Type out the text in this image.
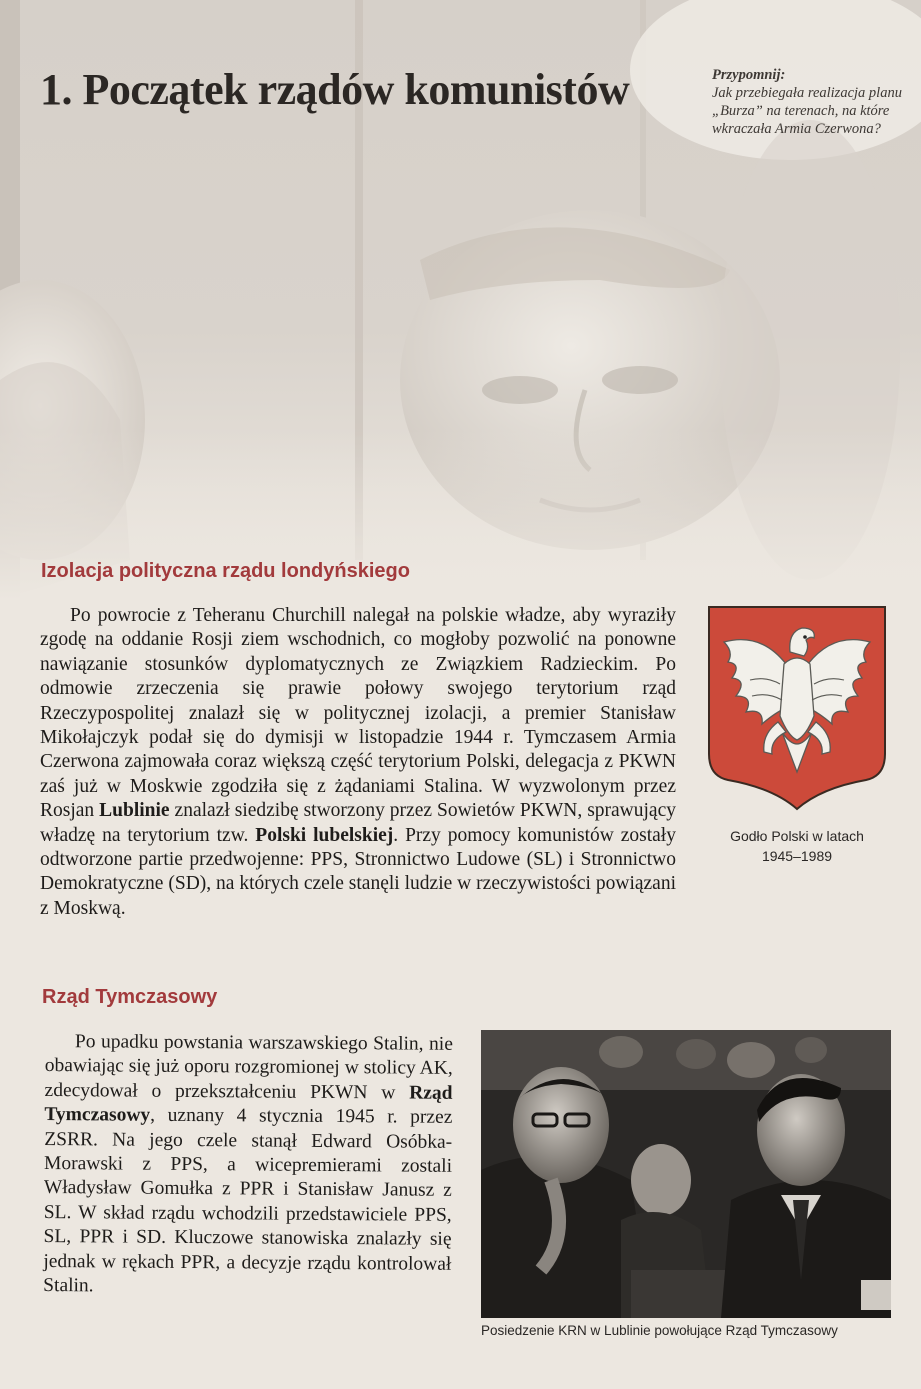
1. Początek rządów komunistów	Przypomnij:
Jak przebiegała realizacja planu „Burza” na terenach, na które wkraczała Armia Czerwona?
Izolacja polityczna rządu londyńskiego

Po powrocie z Teheranu Churchill nalegał na polskie władze, aby wyraziły zgodę na oddanie Rosji ziem wschodnich, co mogłoby pozwolić na ponowne nawiązanie stosunków dyplomatycznych ze Związkiem Radzieckim. Po odmowie zrzeczenia się prawie połowy swojego terytorium rząd Rzeczypospolitej znalazł się w politycznej izolacji, a premier Stanisław Mikołajczyk podał się do dymisji w listopadzie 1944 r. Tymczasem Armia Czerwona zajmowała coraz większą część terytorium Polski, delegacja z PKWN zaś już w Moskwie zgodziła się z żądaniami Stalina. W wyzwolonym przez Rosjan Lublinie znalazł siedzibę stworzony przez Sowietów PKWN, sprawujący władzę na terytorium tzw. Polski lubelskiej. Przy pomocy komunistów zostały odtworzone partie przedwojenne: PPS, Stronnictwo Ludowe (SL) i Stronnictwo Demokratyczne (SD), na których czele stanęli ludzie w rzeczywistości powiązani z Moskwą.

Godło Polski w latach
1945–1989
Rząd Tymczasowy

Po upadku powstania warszawskiego Stalin, nie obawiając się już oporu rozgromionej w stolicy AK, zdecydował o przekształceniu PKWN w Rząd Tymczasowy, uznany 4 stycznia 1945 r. przez ZSRR. Na jego czele stanął Edward Osóbka-Morawski z PPS, a wicepremierami zostali Władysław Gomułka z PPR i Stanisław Janusz z SL. W skład rządu wchodzili przedstawiciele PPS, SL, PPR i SD. Kluczowe stanowiska znalazły się jednak w rękach PPR, a decyzje rządu kontrolował Stalin.

Posiedzenie KRN w Lublinie powołujące Rząd Tymczasowy
